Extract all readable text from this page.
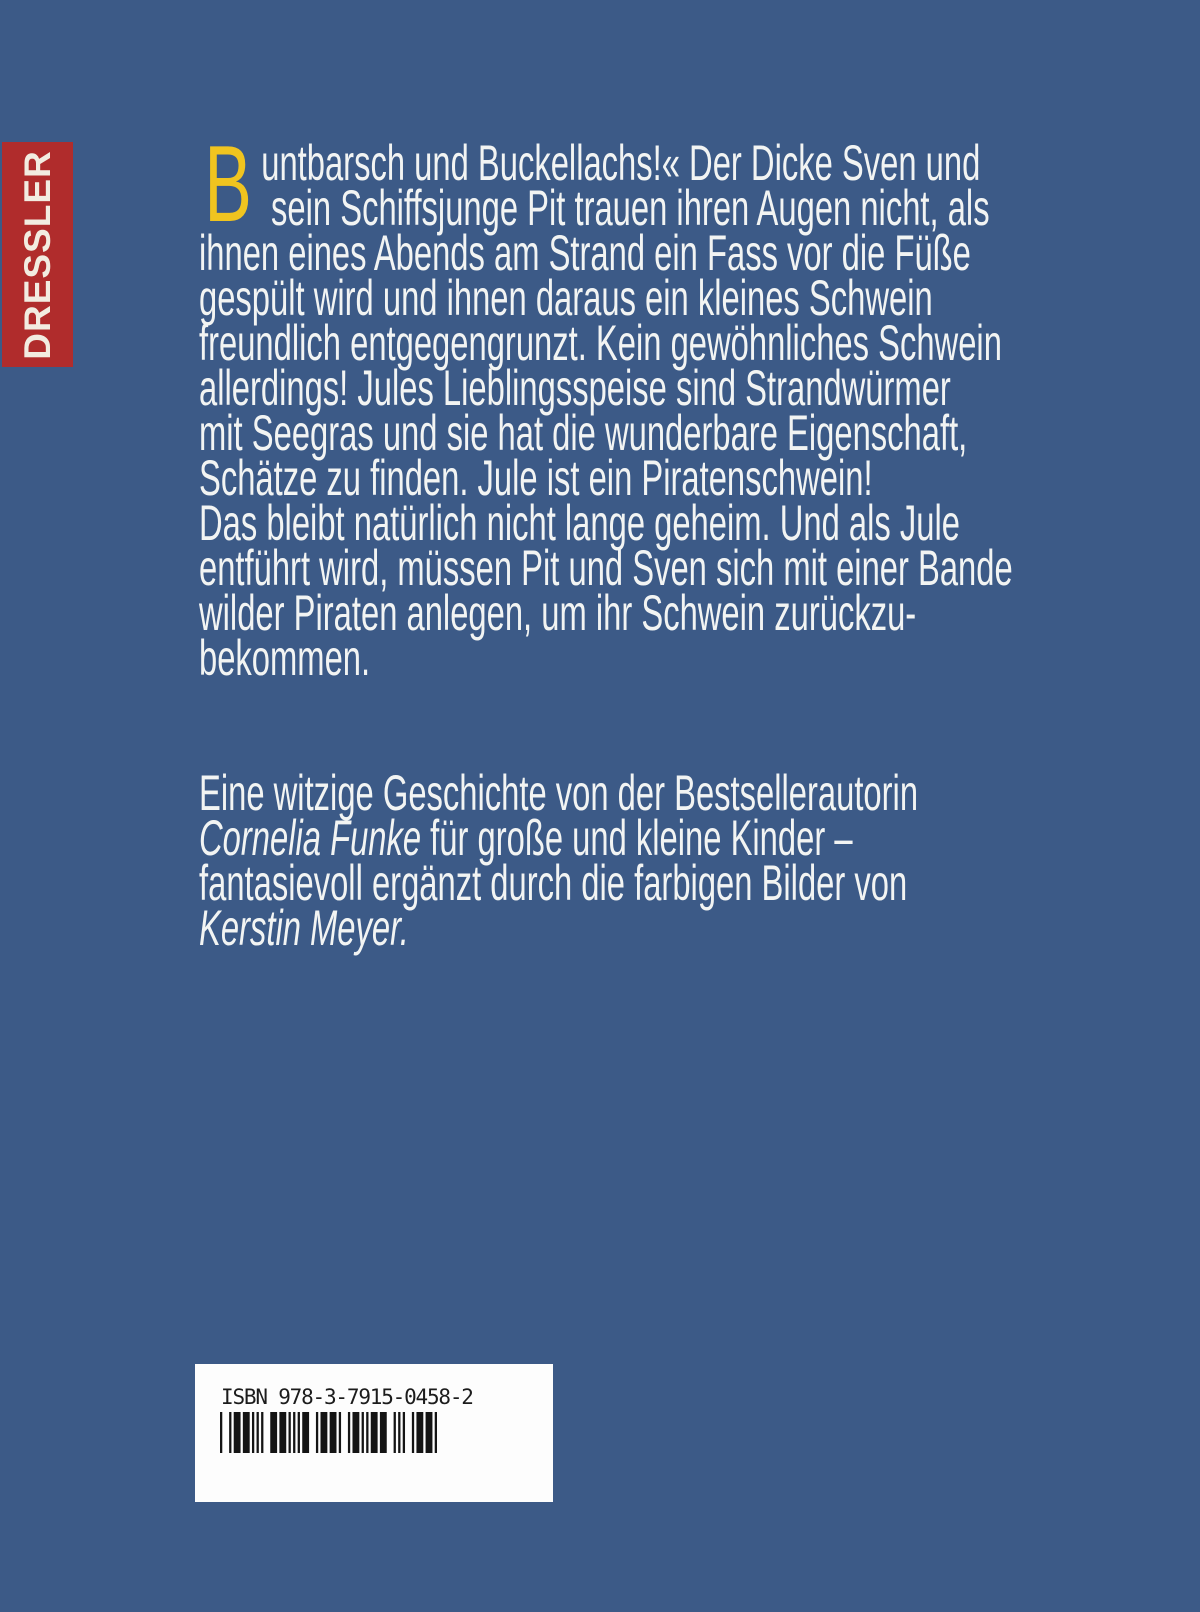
DRESSLER B untbarsch und Buckellachs!« Der Dicke Sven und
sein Schiffsjunge Pit trauen ihren Augen nicht, als
ihnen eines Abends am Strand ein Fass vor die Füße
gespült wird und ihnen daraus ein kleines Schwein
freundlich entgegengrunzt. Kein gewöhnliches Schwein
allerdings! Jules Lieblingsspeise sind Strandwürmer
mit Seegras und sie hat die wunderbare Eigenschaft,
Schätze zu finden. Jule ist ein Piratenschwein!
Das bleibt natürlich nicht lange geheim. Und als Jule
entführt wird, müssen Pit und Sven sich mit einer Bande
wilder Piraten anlegen, um ihr Schwein zurückzu-
bekommen.
Eine witzige Geschichte von der Bestsellerautorin
Cornelia Funke für große und kleine Kinder –
fantasievoll ergänzt durch die farbigen Bilder von
Kerstin Meyer.
ISBN 978-3-7915-0458-2
